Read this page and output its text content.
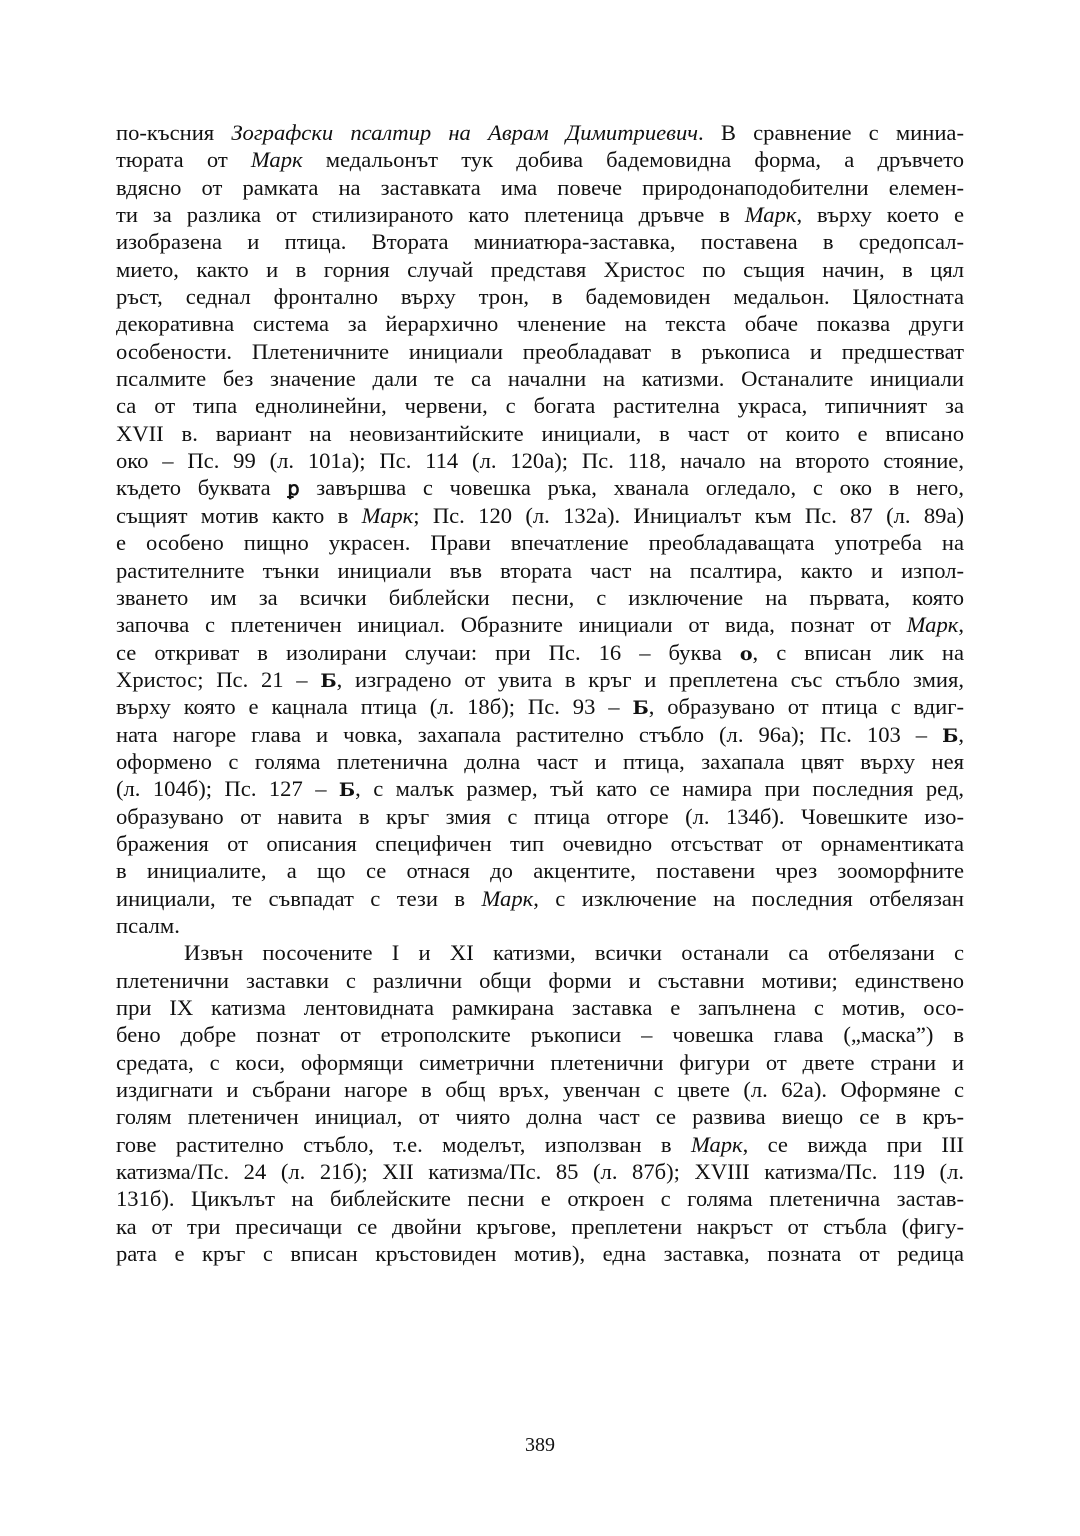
по-късния Зографски псалтир на Аврам Димитриевич. В сравнение с миниа-
тюрата от Марк медальонът тук добива бадемовидна форма, а дръвчето
вдясно от рамката на заставката има повече природонаподобителни елемен-
ти за разлика от стилизираното като плетеница дръвче в Марк, върху което е
изобразена и птица. Втората миниатюра-заставка, поставена в средопсал-
мието, както и в горния случай представя Христос по същия начин, в цял
ръст, седнал фронтално върху трон, в бадемовиден медальон. Цялостната
декоративна система за йерархично членение на текста обаче показва други
особености. Плетеничните инициали преобладават в ръкописа и предшестват
псалмите без значение дали те са начални на катизми. Останалите инициали
са от типа еднолинейни, червени, с богата растителна украса, типичният за
XVII в. вариант на неовизантийските инициали, в част от които е вписано
око – Пс. 99 (л. 101а); Пс. 114 (л. 120а); Пс. 118, начало на второто стояние,
където буквата ꝑ завършва с човешка ръка, хванала огледало, с око в него,
същият мотив както в Марк; Пс. 120 (л. 132а). Инициалът към Пс. 87 (л. 89а)
е особено пищно украсен. Прави впечатление преобладаващата употреба на
растителните тънки инициали във втората част на псалтира, както и изпол-
зването им за всички библейски песни, с изключение на първата, която
започва с плетеничен инициал. Образните инициали от вида, познат от Марк,
се откриват в изолирани случаи: при Пс. 16 – буква о, с вписан лик на
Христос; Пс. 21 – Б, изградено от увита в кръг и преплетена със стъбло змия,
върху която е кацнала птица (л. 18б); Пс. 93 – Б, образувано от птица с вдиг-
ната нагоре глава и човка, захапала растително стъбло (л. 96а); Пс. 103 – Б,
оформено с голяма плетенична долна част и птица, захапала цвят върху нея
(л. 104б); Пс. 127 – Б, с малък размер, тъй като се намира при последния ред,
образувано от навита в кръг змия с птица отгоре (л. 134б). Човешките изо-
бражения от описания специфичен тип очевидно отсъстват от орнаментиката
в инициалите, а що се отнася до акцентите, поставени чрез зооморфните
инициали, те съвпадат с тези в Марк, с изключение на последния отбелязан
псалм.
Извън посочените I и XI катизми, всички останали са отбелязани с
плетенични заставки с различни общи форми и съставни мотиви; единствено
при IX катизма лентовидната рамкирана заставка е запълнена с мотив, осо-
бено добре познат от етрополските ръкописи – човешка глава („маска”) в
средата, с коси, оформящи симетрични плетенични фигури от двете страни и
издигнати и събрани нагоре в общ връх, увенчан с цвете (л. 62а). Оформяне с
голям плетеничен инициал, от чиято долна част се развива виещо се в кръ-
гове растително стъбло, т.е. моделът, използван в Марк, се вижда при III
катизма/Пс. 24 (л. 21б); XII катизма/Пс. 85 (л. 87б); XVIII катизма/Пс. 119 (л.
131б). Цикълът на библейските песни е откроен с голяма плетенична застав-
ка от три пресичащи се двойни кръгове, преплетени накръст от стъбла (фигу-
рата е кръг с вписан кръстовиден мотив), една заставка, позната от редица
389
